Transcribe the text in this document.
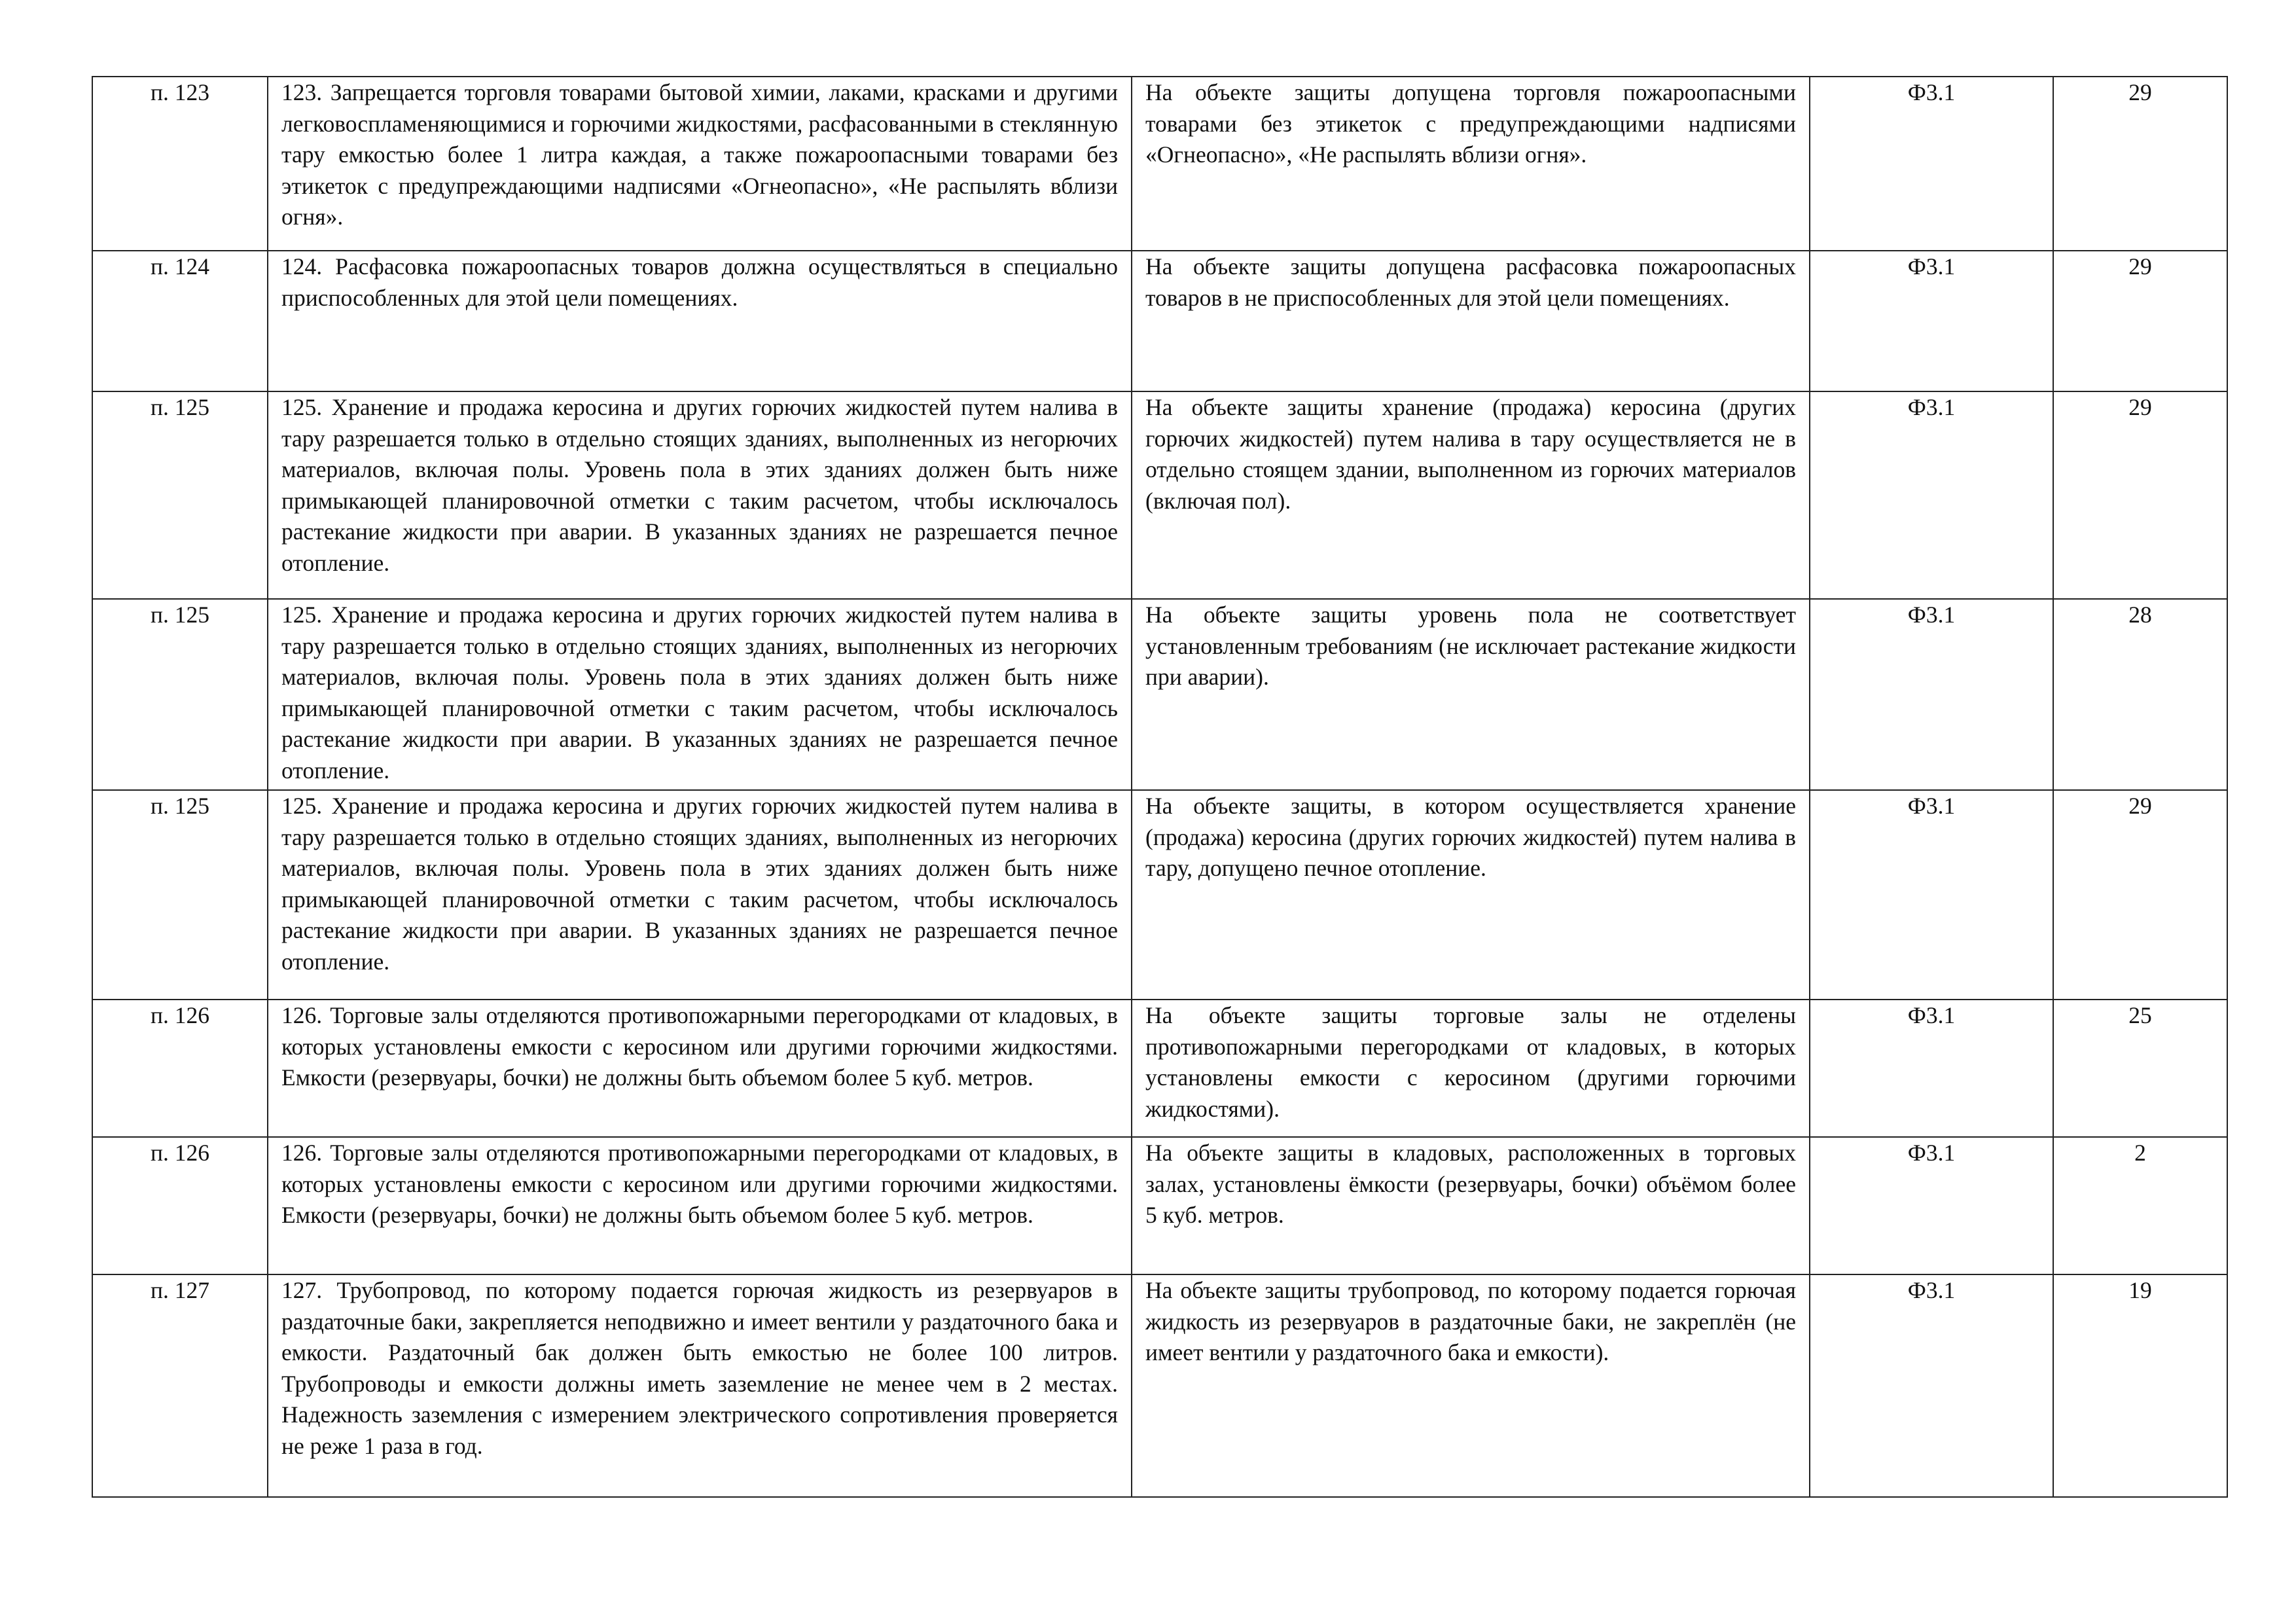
п. 123	123. Запрещается торговля товарами бытовой химии, лаками, красками и другими легковоспламеняющимися и горючими жидкостями, расфасованными в стеклянную тару емкостью более 1 литра каждая, а также пожароопасными товарами без этикеток с предупреждающими надписями «Огнеопасно», «Не распылять вблизи огня».	На объекте защиты допущена торговля пожароопасными товарами без этикеток с предупреждающими надписями «Огнеопасно», «Не распылять вблизи огня».	Ф3.1	29
п. 124	124. Расфасовка пожароопасных товаров должна осуществляться в специально приспособленных для этой цели помещениях.	На объекте защиты допущена расфасовка пожароопасных товаров в не приспособленных для этой цели помещениях.	Ф3.1	29
п. 125	125. Хранение и продажа керосина и других горючих жидкостей путем налива в тару разрешается только в отдельно стоящих зданиях, выполненных из негорючих материалов, включая полы. Уровень пола в этих зданиях должен быть ниже примыкающей планировочной отметки с таким расчетом, чтобы исключалось растекание жидкости при аварии. В указанных зданиях не разрешается печное отопление.	На объекте защиты хранение (продажа) керосина (других горючих жидкостей) путем налива в тару осуществляется не в отдельно стоящем здании, выполненном из горючих материалов (включая пол).	Ф3.1	29
п. 125	125. Хранение и продажа керосина и других горючих жидкостей путем налива в тару разрешается только в отдельно стоящих зданиях, выполненных из негорючих материалов, включая полы. Уровень пола в этих зданиях должен быть ниже примыкающей планировочной отметки с таким расчетом, чтобы исключалось растекание жидкости при аварии. В указанных зданиях не разрешается печное отопление.	На объекте защиты уровень пола не соответствует установленным требованиям (не исключает растекание жидкости при аварии).	Ф3.1	28
п. 125	125. Хранение и продажа керосина и других горючих жидкостей путем налива в тару разрешается только в отдельно стоящих зданиях, выполненных из негорючих материалов, включая полы. Уровень пола в этих зданиях должен быть ниже примыкающей планировочной отметки с таким расчетом, чтобы исключалось растекание жидкости при аварии. В указанных зданиях не разрешается печное отопление.	На объекте защиты, в котором осуществляется хранение (продажа) керосина (других горючих жидкостей) путем налива в тару, допущено печное отопление.	Ф3.1	29
п. 126	126. Торговые залы отделяются противопожарными перегородками от кладовых, в которых установлены емкости с керосином или другими горючими жидкостями. Емкости (резервуары, бочки) не должны быть объемом более 5 куб. метров.	На объекте защиты торговые залы не отделены противопожарными перегородками от кладовых, в которых установлены емкости с керосином (другими горючими жидкостями).	Ф3.1	25
п. 126	126. Торговые залы отделяются противопожарными перегородками от кладовых, в которых установлены емкости с керосином или другими горючими жидкостями. Емкости (резервуары, бочки) не должны быть объемом более 5 куб. метров.	На объекте защиты в кладовых, расположенных в торговых залах, установлены ёмкости (резервуары, бочки) объёмом более 5 куб. метров.	Ф3.1	2
п. 127	127. Трубопровод, по которому подается горючая жидкость из резервуаров в раздаточные баки, закрепляется неподвижно и имеет вентили у раздаточного бака и емкости. Раздаточный бак должен быть емкостью не более 100 литров. Трубопроводы и емкости должны иметь заземление не менее чем в 2 местах. Надежность заземления с измерением электрического сопротивления проверяется не реже 1 раза в год.	На объекте защиты трубопровод, по которому подается горючая жидкость из резервуаров в раздаточные баки, не закреплён (не имеет вентили у раздаточного бака и емкости).	Ф3.1	19
